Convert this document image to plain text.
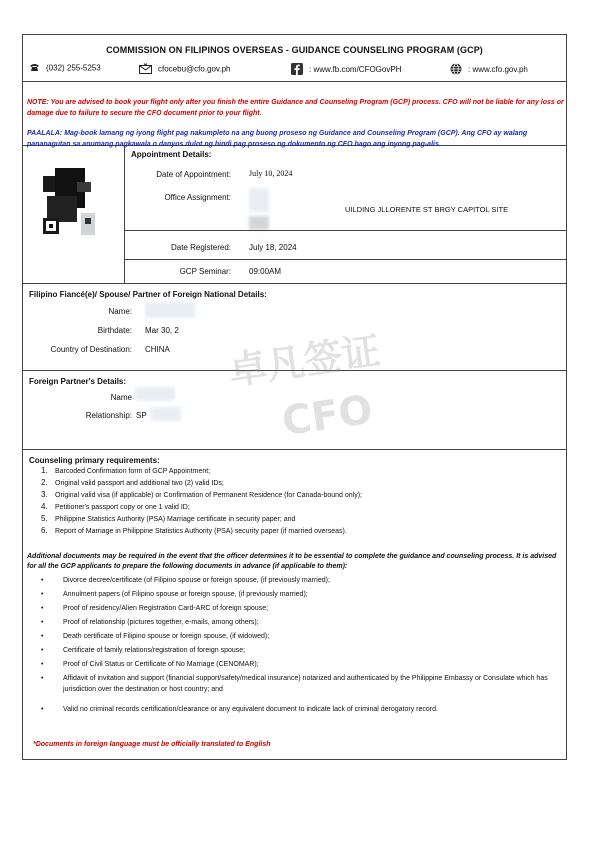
COMMISSION ON FILIPINOS OVERSEAS - GUIDANCE COUNSELING PROGRAM (GCP)
(032) 255-5253	cfocebu@cfo.gov.ph	: www.fb.com/CFOGovPH	: www.cfo.gov.ph
Appointment Details:
Date of Appointment: July 10, 2024
Office Assignment:
UILDING JLLORENTE ST BRGY CAPITOL SITE
Date Registered: July 18, 2024
GCP Seminar: 09:00AM
Filipino Fiancé(e)/ Spouse/ Partner of Foreign National Details:
Name:
Birthdate: Mar 30, 2
Country of Destination: CHINA
Foreign Partner's Details:
Name
Relationship: SP
Counseling primary requirements:
1. Barcoded Confirmation form of GCP Appointment;
2. Original valid passport and additional two (2) valid IDs;
3. Original valid visa (if applicable) or Confirmation of Permanent Residence (for Canada-bound only);
4. Petitioner's passport copy or one 1 valid ID;
5. Philippine Statistics Authority (PSA) Marriage certificate in security paper; and
6. Report of Marriage in Philippine Statistics Authority (PSA) security paper (if married overseas).
Additional documents may be required in the event that the officer determines it to be essential to complete the guidance and counseling process. It is advised for all the GCP applicants to prepare the following documents in advance (if applicable to them):
•	Divorce decree/certificate (of Filipino spouse or foreign spouse, (if previously married);
•	Annulment papers (of Filipino spouse or foreign spouse, (if previously married);
•	Proof of residency/Alien Registration Card-ARC of foreign spouse;
•	Proof of relationship (pictures together, e-mails, among others);
•	Death certificate of Filipino spouse or foreign spouse, (if widowed);
•	Certificate of family relations/registration of foreign spouse;
•	Proof of Civil Status or Certificate of No Marriage (CENOMAR);
•	Affidavit of invitation and support (financial support/safety/medical insurance) notarized and authenticated by the Philippine Embassy or Consulate which has jurisdiction over the destination or host country; and
•	Valid no criminal records certification/clearance or any equivalent document to indicate lack of criminal derogatory record.
*Documents in foreign language must be officially translated to English
NOTE: You are advised to book your flight only after you finish the entire Guidance and Counseling Program (GCP) process. CFO will not be liable for any loss or damage due to failure to secure the CFO document prior to your flight.
PAALALA: Mag-book lamang ng iyong flight pag nakumpleto na ang buong proseso ng Guidance and Counseling Program (GCP). Ang CFO ay walang pananagutan sa anumang pagkawala o danyos dulot ng hindi pag proseso ng dokumento ng CFO bago ang inyong pag-alis.
卓凡签证
CFO
